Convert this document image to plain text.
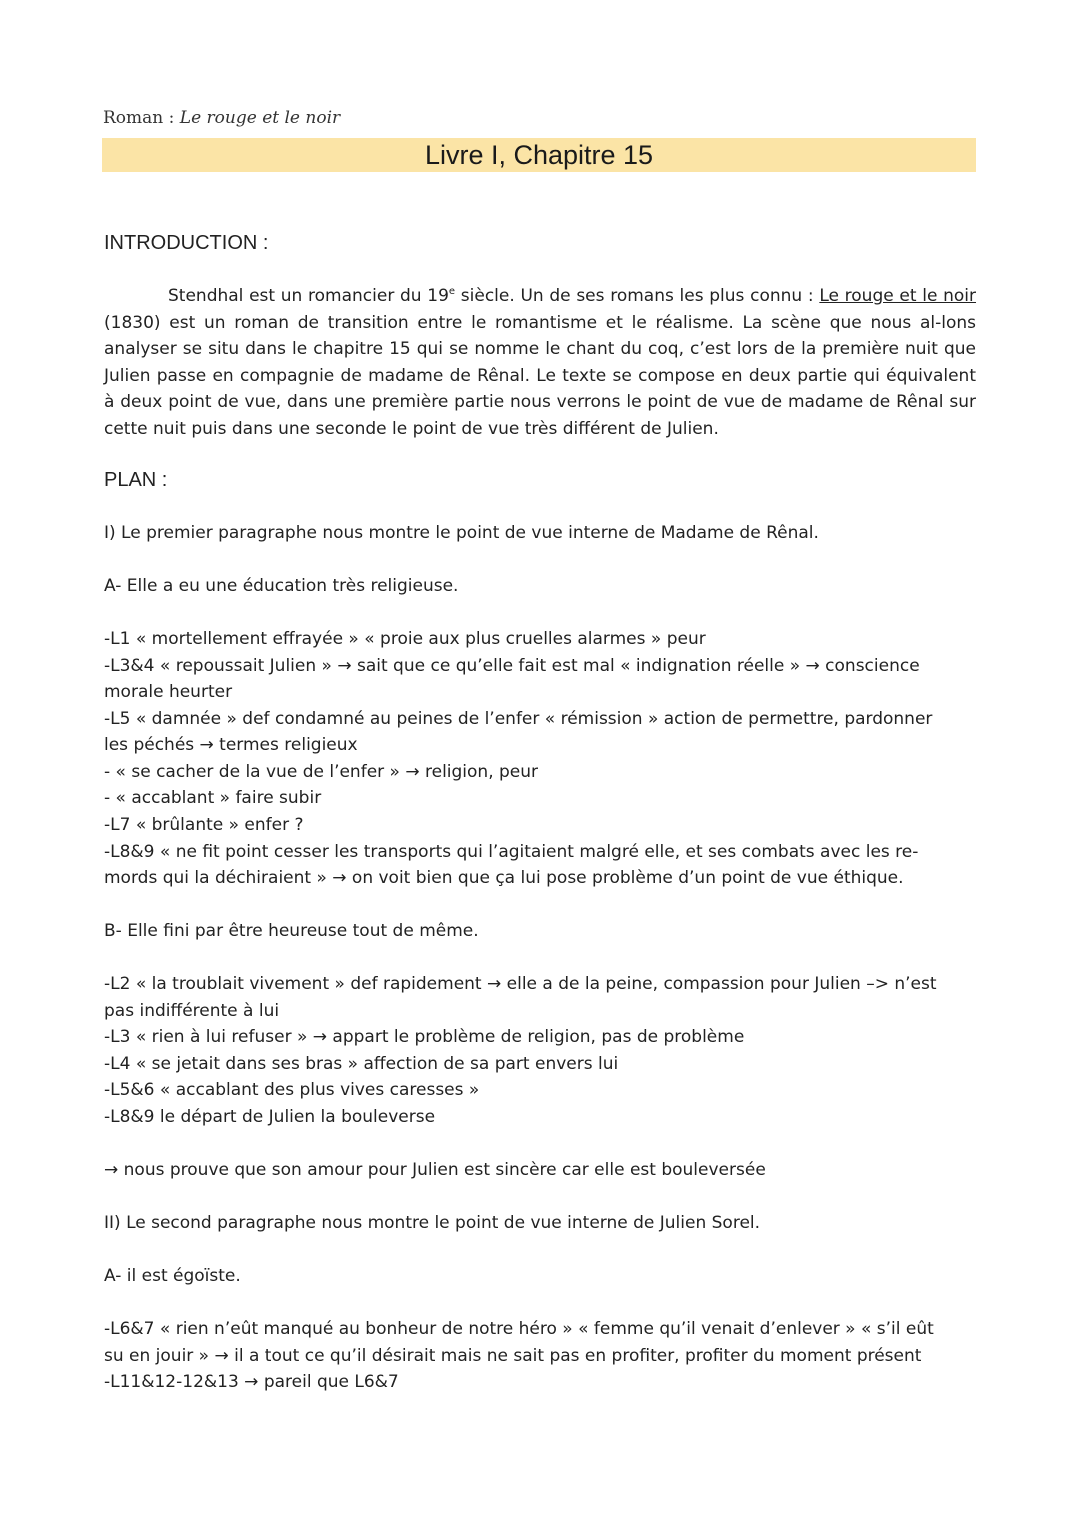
Roman : Le rouge et le noir
Livre I, Chapitre 15
INTRODUCTION :
Stendhal est un romancier du 19e siècle. Un de ses romans les plus connu : Le rouge et le noir (1830) est un roman de transition entre le romantisme et le réalisme. La scène que nous al-lons analyser se situ dans le chapitre 15 qui se nomme le chant du coq, c’est lors de la première nuit que Julien passe en compagnie de madame de Rênal. Le texte se compose en deux partie qui équivalent à deux point de vue, dans une première partie nous verrons le point de vue de madame de Rênal sur cette nuit puis dans une seconde le point de vue très différent de Julien.
PLAN :
I) Le premier paragraphe nous montre le point de vue interne de Madame de Rênal.
A- Elle a eu une éducation très religieuse.
-L1 « mortellement effrayée » « proie aux plus cruelles alarmes » peur
-L3&4 « repoussait Julien » → sait que ce qu’elle fait est mal « indignation réelle » → conscience
morale heurter
-L5 « damnée » def condamné au peines de l’enfer « rémission » action de permettre, pardonner
les péchés → termes religieux
- « se cacher de la vue de l’enfer » → religion, peur
- « accablant » faire subir
-L7 « brûlante » enfer ?
-L8&9 « ne fit point cesser les transports qui l’agitaient malgré elle, et ses combats avec les re-
mords qui la déchiraient » → on voit bien que ça lui pose problème d’un point de vue éthique.
B- Elle fini par être heureuse tout de même.
-L2 « la troublait vivement » def rapidement → elle a de la peine, compassion pour Julien –> n’est
pas indifférente à lui
-L3 « rien à lui refuser » → appart le problème de religion, pas de problème
-L4 « se jetait dans ses bras » affection de sa part envers lui
-L5&6 « accablant des plus vives caresses »
-L8&9 le départ de Julien la bouleverse
→ nous prouve que son amour pour Julien est sincère car elle est bouleversée
II) Le second paragraphe nous montre le point de vue interne de Julien Sorel.
A- il est égoïste.
-L6&7 « rien n’eût manqué au bonheur de notre héro » « femme qu’il venait d’enlever » « s’il eût
su en jouir » → il a tout ce qu’il désirait mais ne sait pas en profiter, profiter du moment présent
-L11&12-12&13 → pareil que L6&7
